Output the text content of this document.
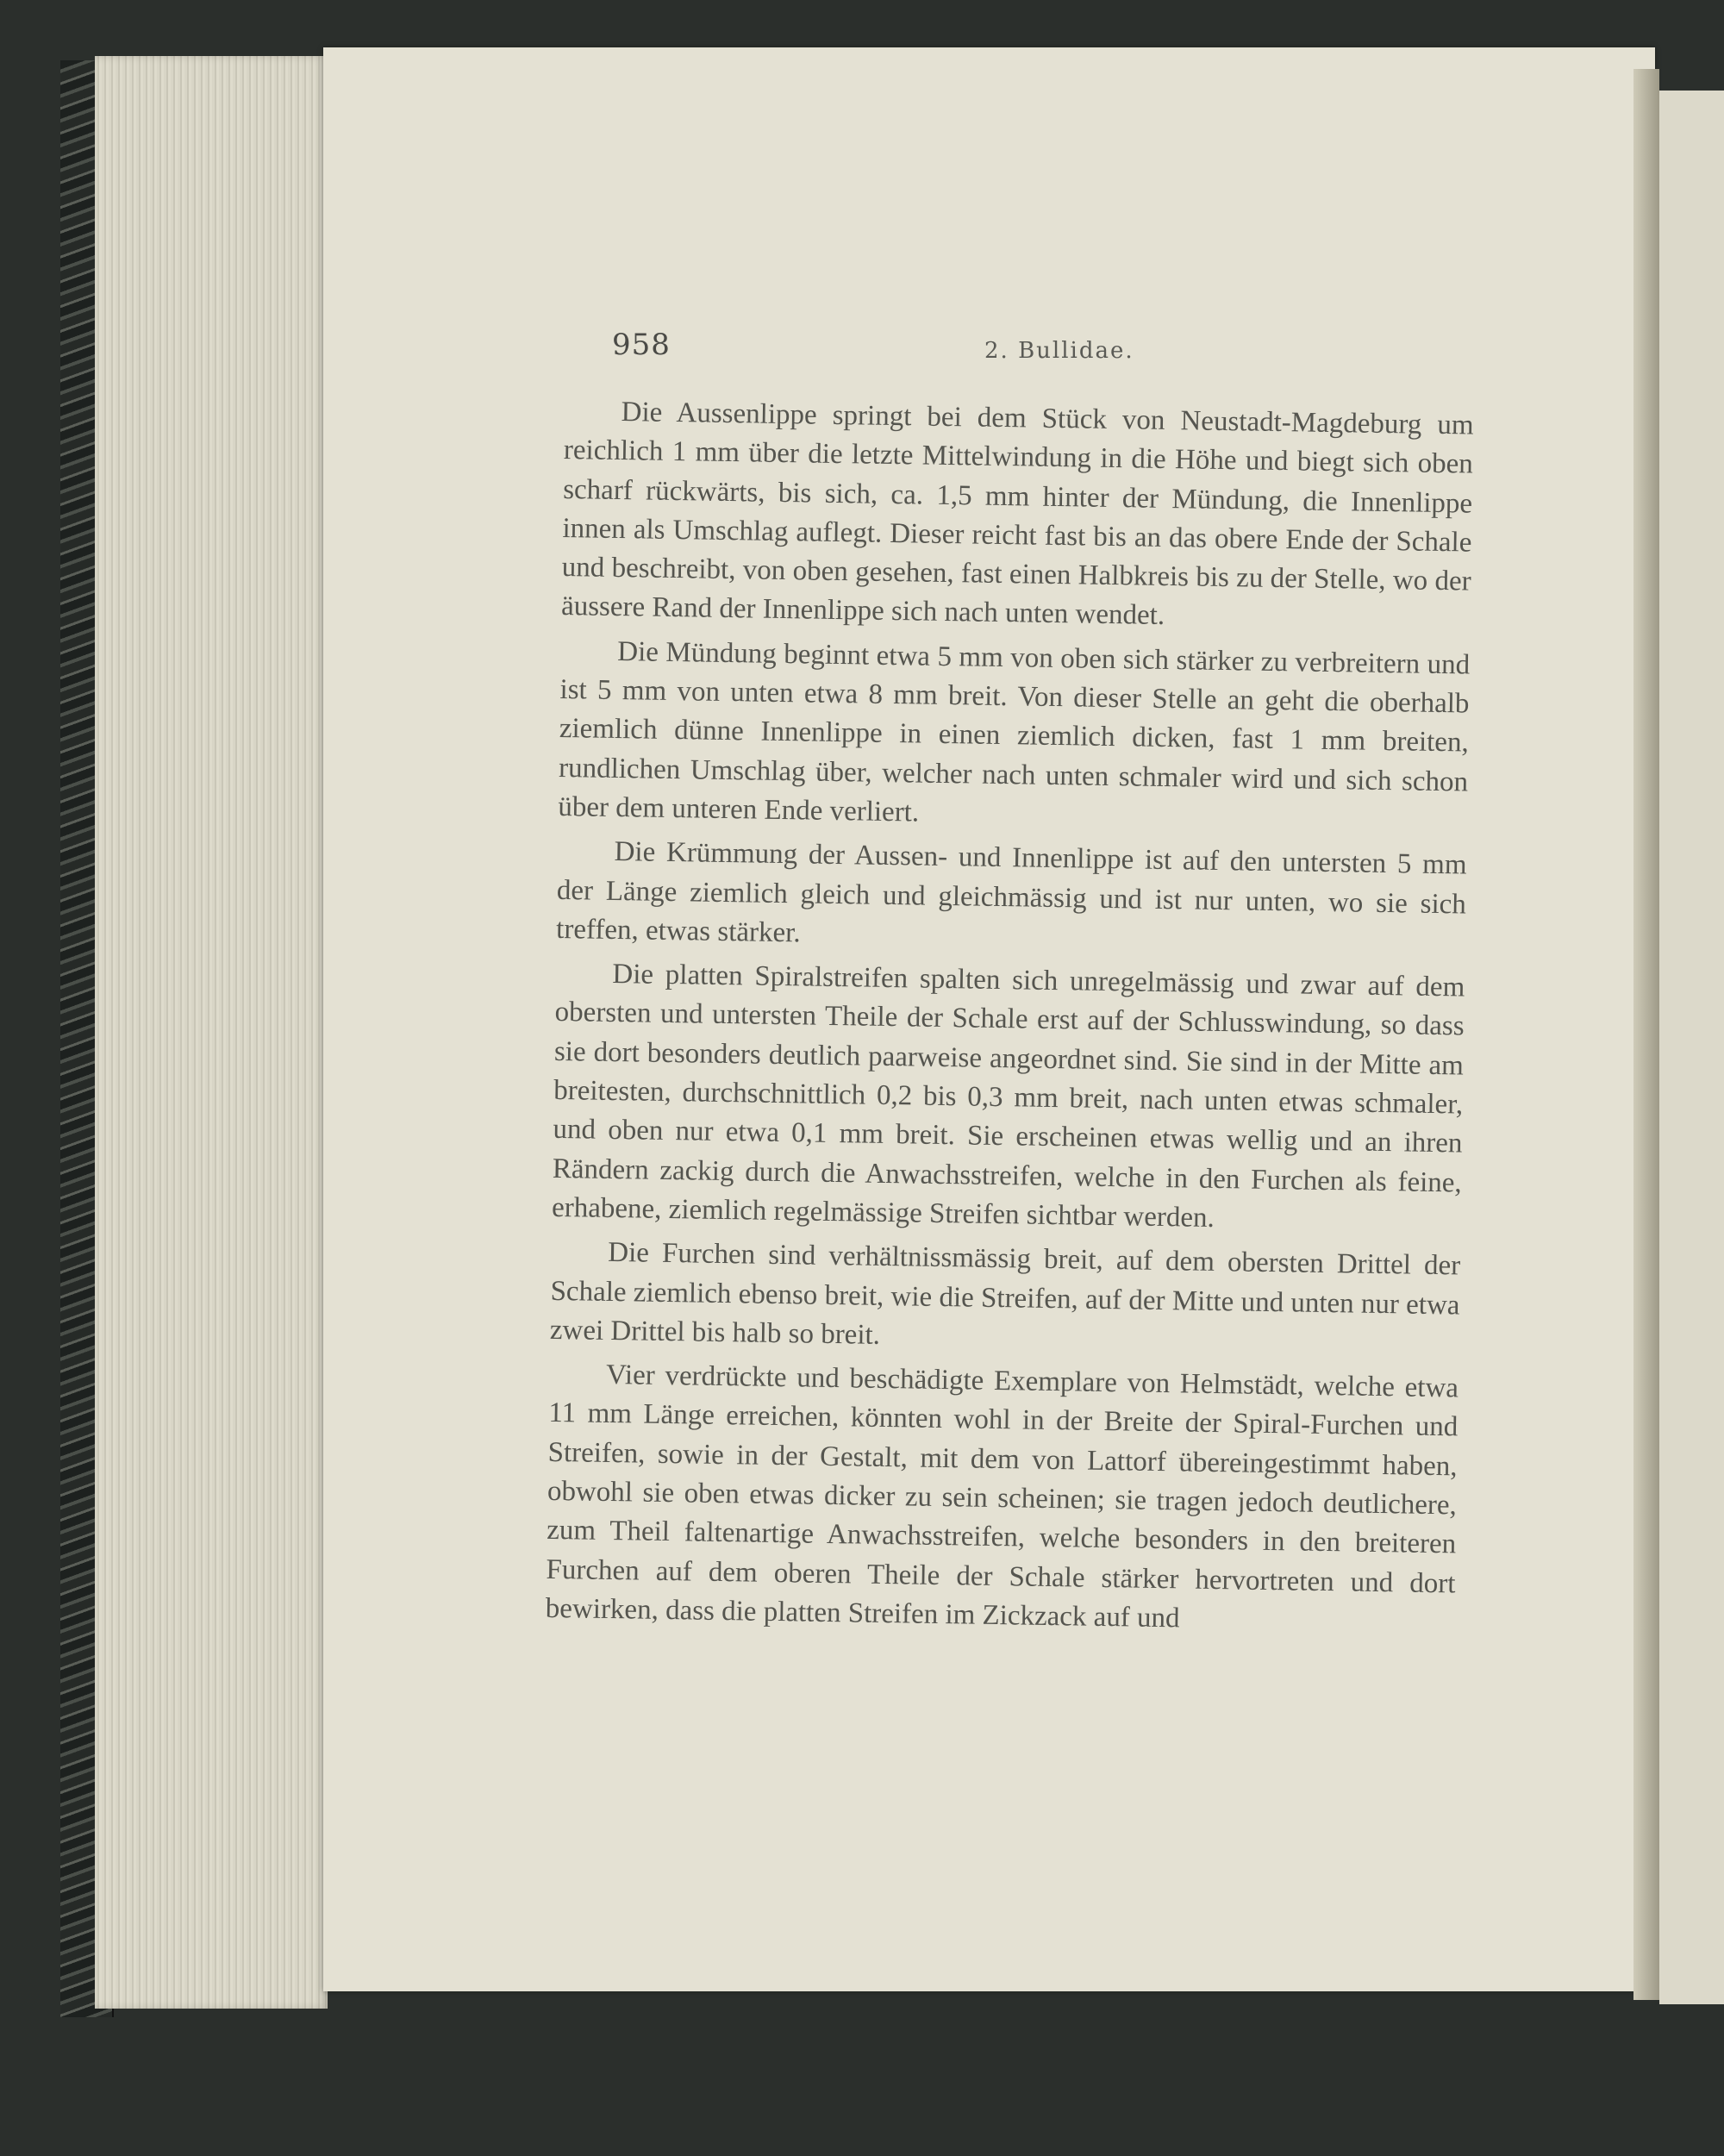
958	2. Bullidae.

Die Aussenlippe springt bei dem Stück von Neustadt-Magdeburg um reichlich 1 mm über die letzte Mittelwindung in die Höhe und biegt sich oben scharf rückwärts, bis sich, ca. 1,5 mm hinter der Mündung, die Innenlippe innen als Umschlag auflegt. Dieser reicht fast bis an das obere Ende der Schale und beschreibt, von oben gesehen, fast einen Halbkreis bis zu der Stelle, wo der äussere Rand der Innenlippe sich nach unten wendet.

Die Mündung beginnt etwa 5 mm von oben sich stärker zu verbreitern und ist 5 mm von unten etwa 8 mm breit. Von dieser Stelle an geht die oberhalb ziemlich dünne Innenlippe in einen ziemlich dicken, fast 1 mm breiten, rundlichen Umschlag über, welcher nach unten schmaler wird und sich schon über dem unteren Ende verliert.

Die Krümmung der Aussen- und Innenlippe ist auf den untersten 5 mm der Länge ziemlich gleich und gleichmässig und ist nur unten, wo sie sich treffen, etwas stärker.

Die platten Spiralstreifen spalten sich unregelmässig und zwar auf dem obersten und untersten Theile der Schale erst auf der Schlusswindung, so dass sie dort besonders deutlich paarweise angeordnet sind. Sie sind in der Mitte am breitesten, durchschnittlich 0,2 bis 0,3 mm breit, nach unten etwas schmaler, und oben nur etwa 0,1 mm breit. Sie erscheinen etwas wellig und an ihren Rändern zackig durch die Anwachsstreifen, welche in den Furchen als feine, erhabene, ziemlich regelmässige Streifen sichtbar werden.

Die Furchen sind verhältnissmässig breit, auf dem obersten Drittel der Schale ziemlich ebenso breit, wie die Streifen, auf der Mitte und unten nur etwa zwei Drittel bis halb so breit.

Vier verdrückte und beschädigte Exemplare von Helmstädt, welche etwa 11 mm Länge erreichen, könnten wohl in der Breite der Spiral-Furchen und Streifen, sowie in der Gestalt, mit dem von Lattorf übereingestimmt haben, obwohl sie oben etwas dicker zu sein scheinen; sie tragen jedoch deutlichere, zum Theil faltenartige Anwachsstreifen, welche besonders in den breiteren Furchen auf dem oberen Theile der Schale stärker hervortreten und dort bewirken, dass die platten Streifen im Zickzack auf und
